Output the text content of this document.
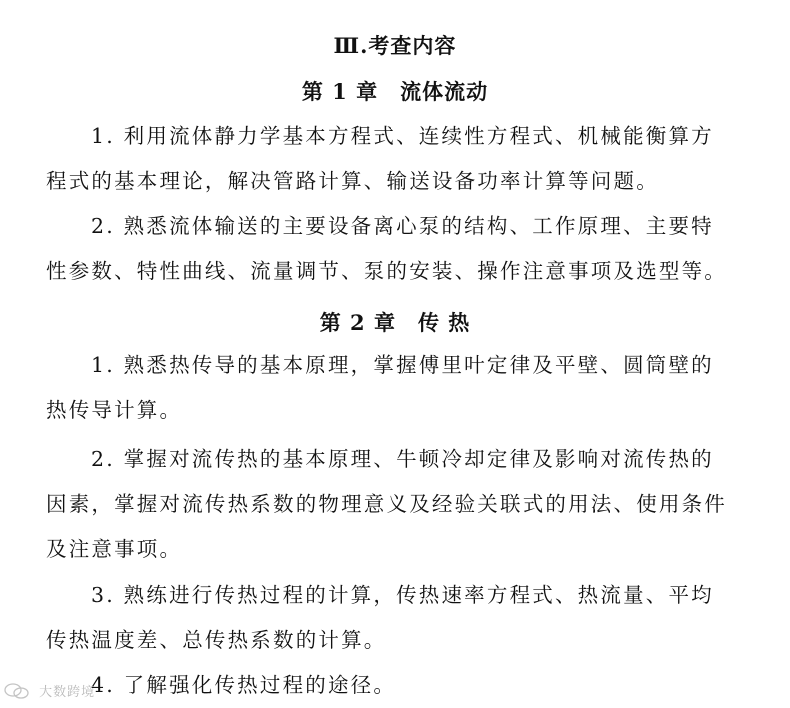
Ⅲ.考查内容
第 1 章　流体流动
1. 利用流体静力学基本方程式、连续性方程式、机械能衡算方
程式的基本理论，解决管路计算、输送设备功率计算等问题。
2. 熟悉流体输送的主要设备离心泵的结构、工作原理、主要特
性参数、特性曲线、流量调节、泵的安装、操作注意事项及选型等。
第 2 章　传 热
1. 熟悉热传导的基本原理，掌握傅里叶定律及平壁、圆筒壁的
热传导计算。
2. 掌握对流传热的基本原理、牛顿冷却定律及影响对流传热的
因素，掌握对流传热系数的物理意义及经验关联式的用法、使用条件
及注意事项。
3. 熟练进行传热过程的计算，传热速率方程式、热流量、平均
传热温度差、总传热系数的计算。
4. 了解强化传热过程的途径。
大数跨境
